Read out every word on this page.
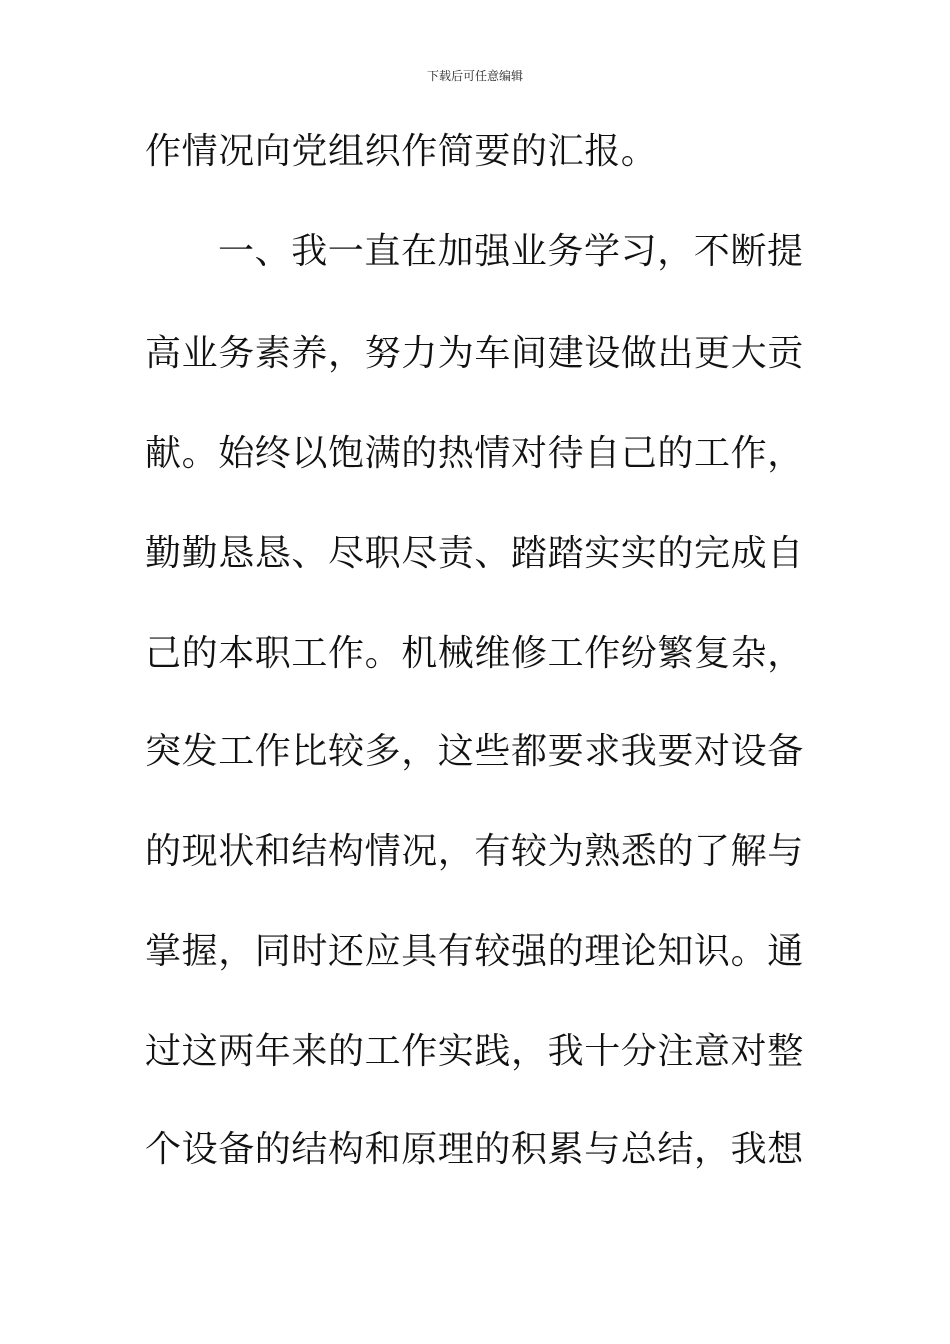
下载后可任意编辑
作情况向党组织作简要的汇报。
一、我一直在加强业务学习，不断提
高业务素养，努力为车间建设做出更大贡
献。始终以饱满的热情对待自己的工作，
勤勤恳恳、尽职尽责、踏踏实实的完成自
己的本职工作。机械维修工作纷繁复杂，
突发工作比较多，这些都要求我要对设备
的现状和结构情况，有较为熟悉的了解与
掌握，同时还应具有较强的理论知识。通
过这两年来的工作实践，我十分注意对整
个设备的结构和原理的积累与总结，我想
